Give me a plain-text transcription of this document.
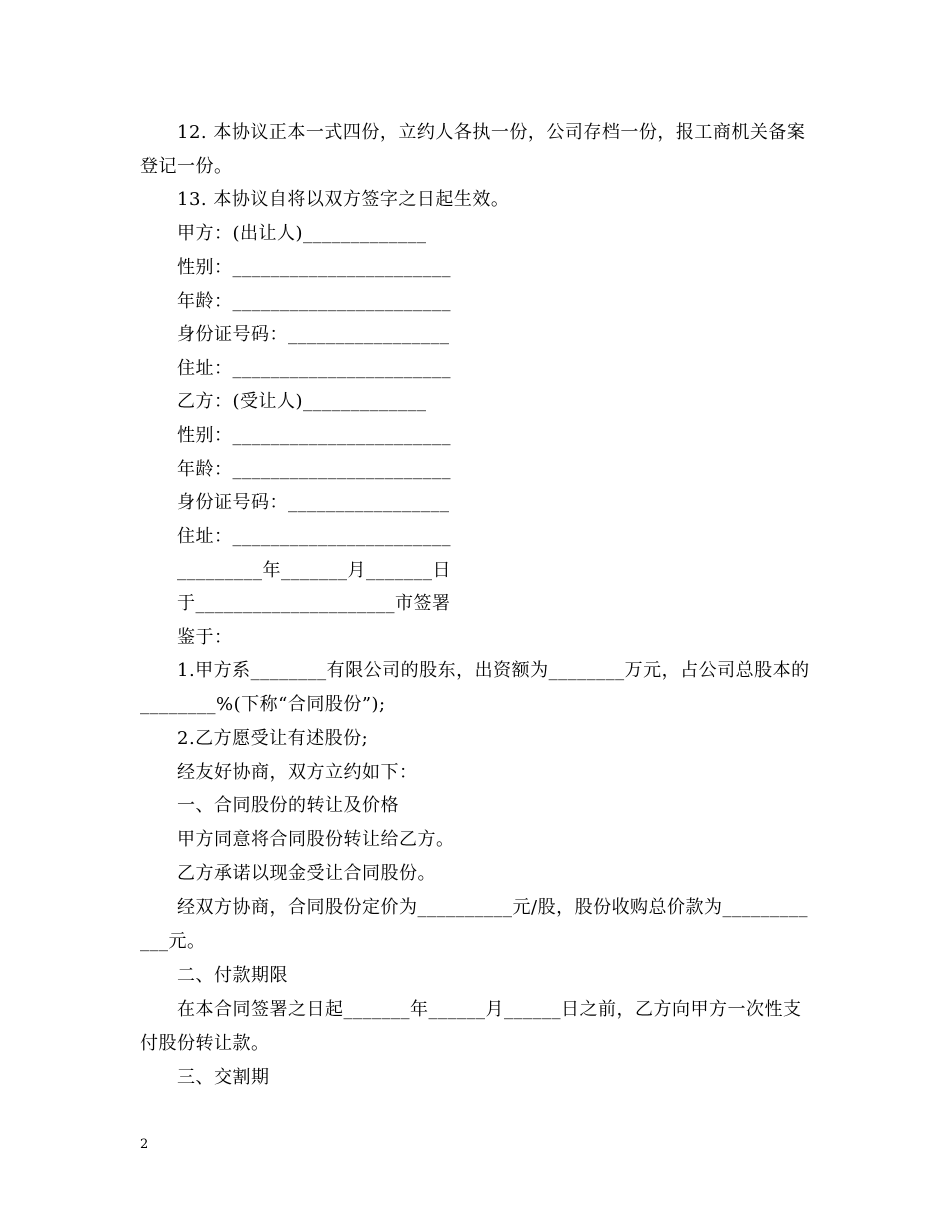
12. 本协议正本一式四份，立约人各执一份，公司存档一份，报工商机关备案
登记一份。
13. 本协议自将以双方签字之日起生效。
甲方：(出让人)_____________
性别：_______________________
年龄：_______________________
身份证号码：_________________
住址：_______________________
乙方：(受让人)_____________
性别：_______________________
年龄：_______________________
身份证号码：_________________
住址：_______________________
_________年_______月_______日
于_____________________市签署
鉴于：
1.甲方系________有限公司的股东，出资额为________万元，占公司总股本的
________%(下称“合同股份”);
2.乙方愿受让有述股份;
经友好协商，双方立约如下：
一、合同股份的转让及价格
甲方同意将合同股份转让给乙方。
乙方承诺以现金受让合同股份。
经双方协商，合同股份定价为__________元/股，股份收购总价款为_________
___元。
二、付款期限
在本合同签署之日起_______年______月______日之前，乙方向甲方一次性支
付股份转让款。
三、交割期
2
